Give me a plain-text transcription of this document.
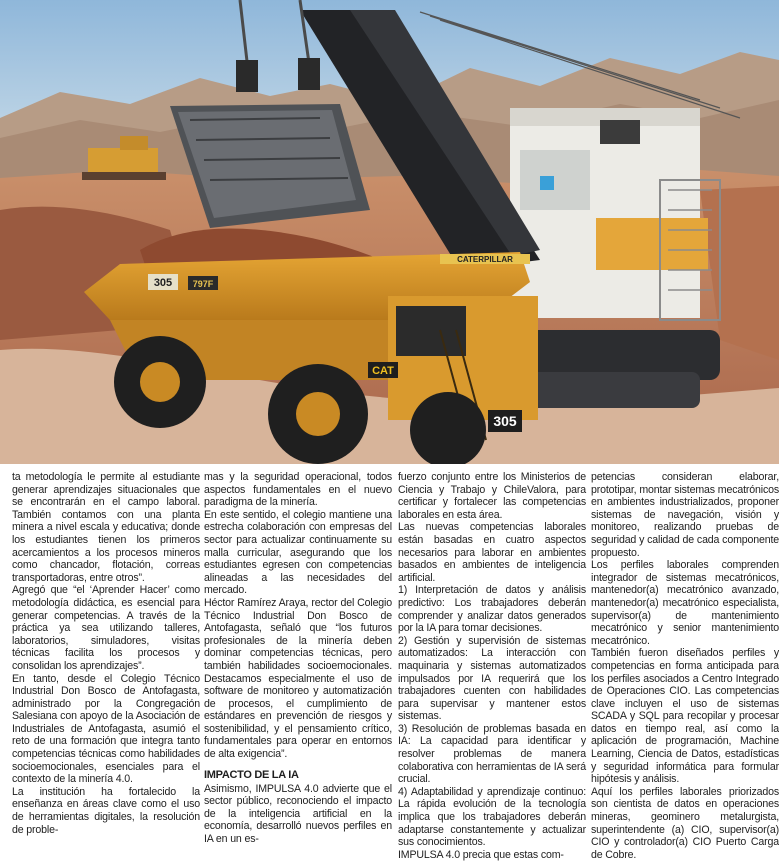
305 797F
CATERPILLAR
CAT
305

ta metodología le permite al estudiante generar aprendizajes situacionales que se encontrarán en el campo laboral. También contamos con una planta minera a nivel escala y educativa; donde los estudiantes tienen los primeros acercamientos a los procesos mineros como chancador, flotación, correas transportadoras, entre otros”.

Agregó que “el ‘Aprender Hacer’ como metodología didáctica, es esencial para generar competencias. A través de la práctica ya sea utilizando talleres, laboratorios, simuladores, visitas técnicas facilita los procesos y consolidan los aprendizajes”.

En tanto, desde el Colegio Técnico Industrial Don Bosco de Antofagasta, administrado por la Congregación Salesiana con apoyo de la Asociación de Industriales de Antofagasta, asumió el reto de una formación que integra tanto competencias técnicas como habilidades socioemocionales, esenciales para el contexto de la minería 4.0.

La institución ha fortalecido la enseñanza en áreas clave como el uso de herramientas digitales, la resolución de proble-

mas y la seguridad operacional, todos aspectos fundamentales en el nuevo paradigma de la minería.

En este sentido, el colegio mantiene una estrecha colaboración con empresas del sector para actualizar continuamente su malla curricular, asegurando que los estudiantes egresen con competencias alineadas a las necesidades del mercado.

Héctor Ramírez Araya, rector del Colegio Técnico Industrial Don Bosco de Antofagasta, señaló que “los futuros profesionales de la minería deben dominar competencias técnicas, pero también habilidades socioemocionales. Destacamos especialmente el uso de software de monitoreo y automatización de procesos, el cumplimiento de estándares en prevención de riesgos y sostenibilidad, y el pensamiento crítico, fundamentales para operar en entornos de alta exigencia”.

IMPACTO DE LA IA

Asimismo, IMPULSA 4.0 advierte que el sector público, reconociendo el impacto de la inteligencia artificial en la economía, desarrolló nuevos perfiles en IA en un es-

fuerzo conjunto entre los Ministerios de Ciencia y Trabajo y ChileValora, para certificar y fortalecer las competencias laborales en esta área.

Las nuevas competencias laborales están basadas en cuatro aspectos necesarios para laborar en ambientes basados en ambientes de inteligencia artificial.

1) Interpretación de datos y análisis predictivo: Los trabajadores deberán comprender y analizar datos generados por la IA para tomar decisiones.

2) Gestión y supervisión de sistemas automatizados: La interacción con maquinaria y sistemas automatizados impulsados por IA requerirá que los trabajadores cuenten con habilidades para supervisar y mantener estos sistemas.

3) Resolución de problemas basada en IA: La capacidad para identificar y resolver problemas de manera colaborativa con herramientas de IA será crucial.

4) Adaptabilidad y aprendizaje continuo: La rápida evolución de la tecnología implica que los trabajadores deberán adaptarse constantemente y actualizar sus conocimientos.

IMPULSA 4.0 precia que estas com-

petencias consideran elaborar, prototipar, montar sistemas mecatrónicos en ambientes industrializados, proponer sistemas de navegación, visión y monitoreo, realizando pruebas de seguridad y calidad de cada componente propuesto.

Los perfiles laborales comprenden integrador de sistemas mecatrónicos, mantenedor(a) mecatrónico avanzado, mantenedor(a) mecatrónico especialista, supervisor(a) de mantenimiento mecatrónico y senior mantenimiento mecatrónico.

También fueron diseñados perfiles y competencias en forma anticipada para los perfiles asociados a Centro Integrado de Operaciones CIO. Las competencias clave incluyen el uso de sistemas SCADA y SQL para recopilar y procesar datos en tiempo real, así como la aplicación de programación, Machine Learning, Ciencia de Datos, estadísticas y seguridad informática para formular hipótesis y análisis.

Aquí los perfiles laborales priorizados son cientista de datos en operaciones mineras, geominero metalurgista, superintendente (a) CIO, supervisor(a) CIO y controlador(a) CIO Puerto Carga de Cobre.
